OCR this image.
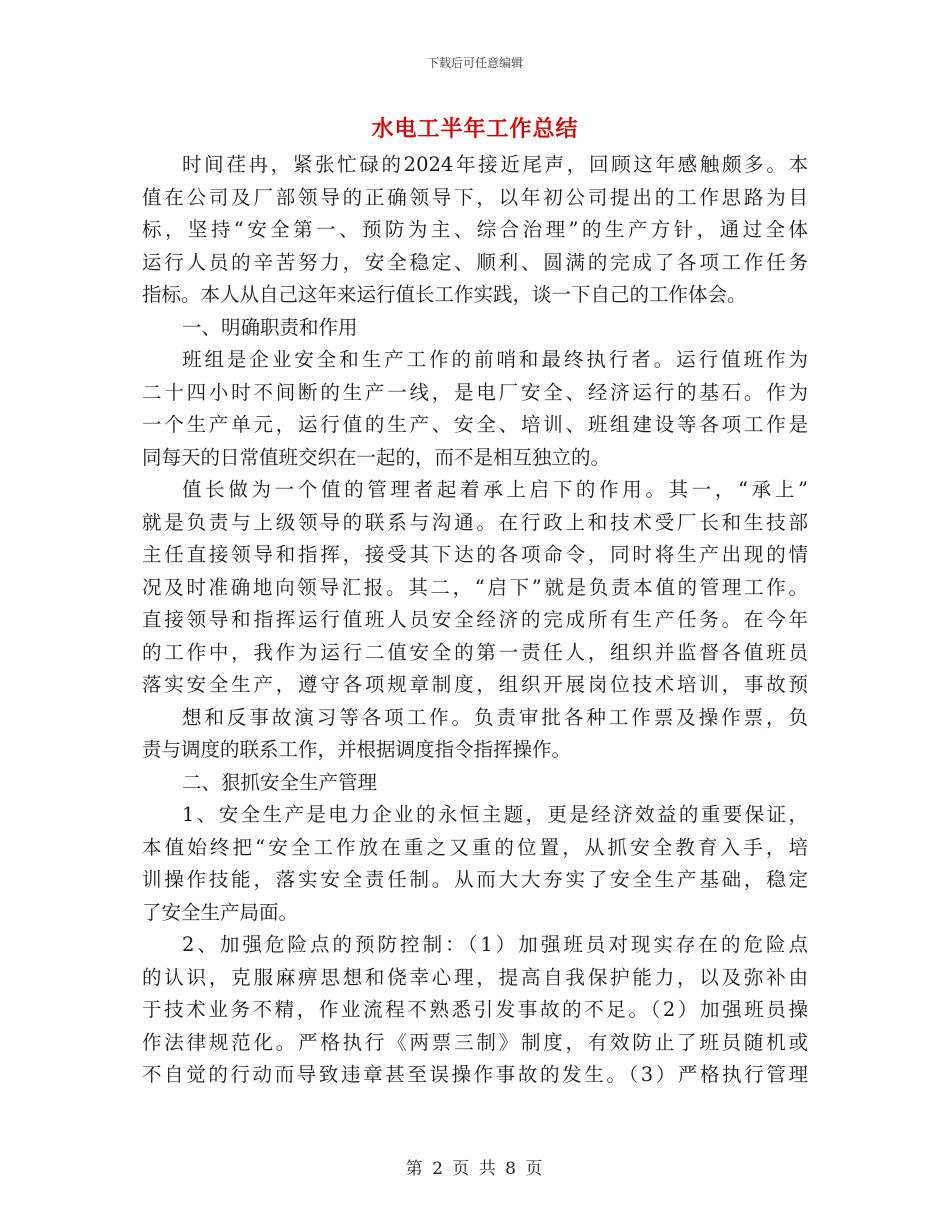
下载后可任意编辑
水电工半年工作总结
时间荏冉，紧张忙碌的2024年接近尾声，回顾这年感触颇多。本
值在公司及厂部领导的正确领导下，以年初公司提出的工作思路为目
标，坚持“安全第一、预防为主、综合治理”的生产方针，通过全体
运行人员的辛苦努力，安全稳定、顺利、圆满的完成了各项工作任务
指标。本人从自己这年来运行值长工作实践，谈一下自己的工作体会。
一、明确职责和作用
班组是企业安全和生产工作的前哨和最终执行者。运行值班作为
二十四小时不间断的生产一线，是电厂安全、经济运行的基石。作为
一个生产单元，运行值的生产、安全、培训、班组建设等各项工作是
同每天的日常值班交织在一起的，而不是相互独立的。
值长做为一个值的管理者起着承上启下的作用。其一，“承上”
就是负责与上级领导的联系与沟通。在行政上和技术受厂长和生技部
主任直接领导和指挥，接受其下达的各项命令，同时将生产出现的情
况及时准确地向领导汇报。其二，“启下”就是负责本值的管理工作。
直接领导和指挥运行值班人员安全经济的完成所有生产任务。在今年
的工作中，我作为运行二值安全的第一责任人，组织并监督各值班员
落实安全生产，遵守各项规章制度，组织开展岗位技术培训，事故预
想和反事故演习等各项工作。负责审批各种工作票及操作票，负
责与调度的联系工作，并根据调度指令指挥操作。
二、狠抓安全生产管理
1、安全生产是电力企业的永恒主题，更是经济效益的重要保证，
本值始终把“安全工作放在重之又重的位置，从抓安全教育入手，培
训操作技能，落实安全责任制。从而大大夯实了安全生产基础，稳定
了安全生产局面。
2、加强危险点的预防控制：（1）加强班员对现实存在的危险点
的认识，克服麻痹思想和侥幸心理，提高自我保护能力，以及弥补由
于技术业务不精，作业流程不熟悉引发事故的不足。（2）加强班员操
作法律规范化。严格执行《两票三制》制度，有效防止了班员随机或
不自觉的行动而导致违章甚至误操作事故的发生。（3）严格执行管理
第 2 页 共 8 页
